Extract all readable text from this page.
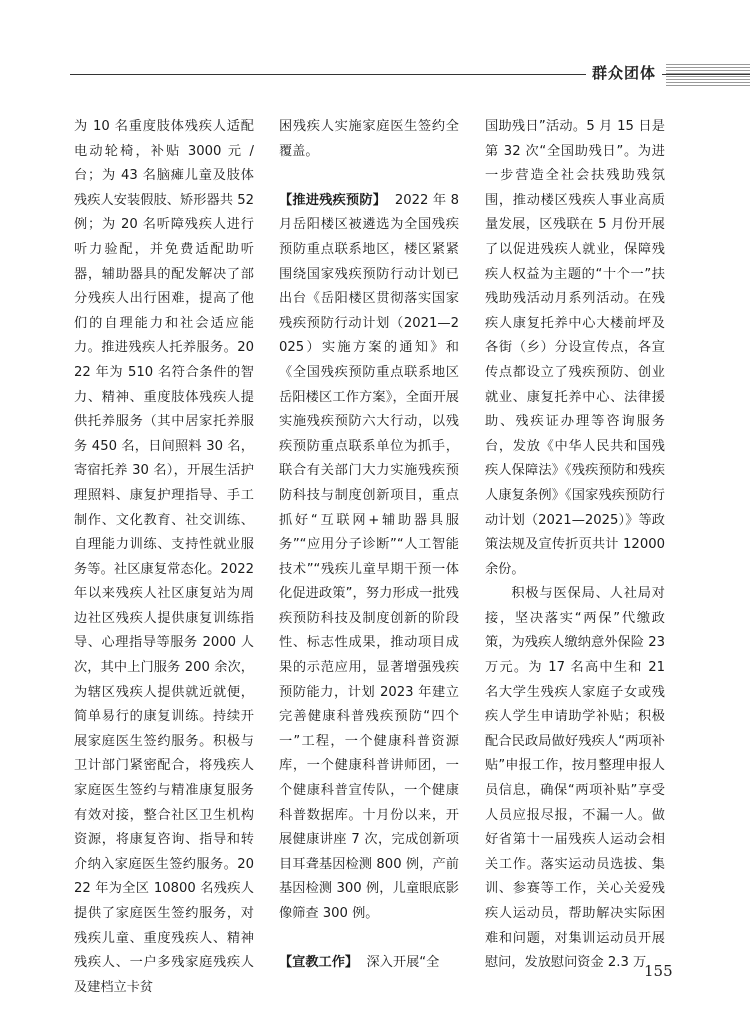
群众团体

为 10 名重度肢体残疾人适配电动轮椅，补贴 3000 元 / 台；为 43 名脑瘫儿童及肢体残疾人安装假肢、矫形器共 52 例；为 20 名听障残疾人进行听力验配，并免费适配助听器，辅助器具的配发解决了部分残疾人出行困难，提高了他们的自理能力和社会适应能力。推进残疾人托养服务。2022 年为 510 名符合条件的智力、精神、重度肢体残疾人提供托养服务（其中居家托养服务 450 名，日间照料 30 名，寄宿托养 30 名），开展生活护理照料、康复护理指导、手工制作、文化教育、社交训练、自理能力训练、支持性就业服务等。社区康复常态化。2022 年以来残疾人社区康复站为周边社区残疾人提供康复训练指导、心理指导等服务 2000 人次，其中上门服务 200 余次，为辖区残疾人提供就近就便，简单易行的康复训练。持续开展家庭医生签约服务。积极与卫计部门紧密配合，将残疾人家庭医生签约与精准康复服务有效对接，整合社区卫生机构资源，将康复咨询、指导和转介纳入家庭医生签约服务。2022 年为全区 10800 名残疾人提供了家庭医生签约服务，对残疾儿童、重度残疾人、精神残疾人、一户多残家庭残疾人及建档立卡贫

困残疾人实施家庭医生签约全覆盖。

【推进残疾预防】 2022 年 8 月岳阳楼区被遴选为全国残疾预防重点联系地区，楼区紧紧围绕国家残疾预防行动计划已出台《岳阳楼区贯彻落实国家残疾预防行动计划（2021—2025）实施方案的通知》和《全国残疾预防重点联系地区岳阳楼区工作方案》，全面开展实施残疾预防六大行动，以残疾预防重点联系单位为抓手，联合有关部门大力实施残疾预防科技与制度创新项目，重点抓好“互联网+辅助器具服务”“应用分子诊断”“人工智能技术”“残疾儿童早期干预一体化促进政策”，努力形成一批残疾预防科技及制度创新的阶段性、标志性成果，推动项目成果的示范应用，显著增强残疾预防能力，计划 2023 年建立完善健康科普残疾预防“四个一”工程，一个健康科普资源库，一个健康科普讲师团，一个健康科普宣传队，一个健康科普数据库。十月份以来，开展健康讲座 7 次，完成创新项目耳聋基因检测 800 例，产前基因检测 300 例，儿童眼底影像筛查 300 例。

【宣教工作】 深入开展“全

国助残日”活动。5 月 15 日是第 32 次“全国助残日”。为进一步营造全社会扶残助残氛围，推动楼区残疾人事业高质量发展，区残联在 5 月份开展了以促进残疾人就业，保障残疾人权益为主题的“十个一”扶残助残活动月系列活动。在残疾人康复托养中心大楼前坪及各街（乡）分设宣传点，各宣传点都设立了残疾预防、创业就业、康复托养中心、法律援助、残疾证办理等咨询服务台，发放《中华人民共和国残疾人保障法》《残疾预防和残疾人康复条例》《国家残疾预防行动计划（2021—2025）》等政策法规及宣传折页共计 12000 余份。

积极与医保局、人社局对接，坚决落实“两保”代缴政策，为残疾人缴纳意外保险 23 万元。为 17 名高中生和 21 名大学生残疾人家庭子女或残疾人学生申请助学补贴；积极配合民政局做好残疾人“两项补贴”申报工作，按月整理申报人员信息，确保“两项补贴”享受人员应报尽报，不漏一人。做好省第十一届残疾人运动会相关工作。落实运动员选拔、集训、参赛等工作，关心关爱残疾人运动员，帮助解决实际困难和问题，对集训运动员开展慰问，发放慰问资金 2.3 万

155
